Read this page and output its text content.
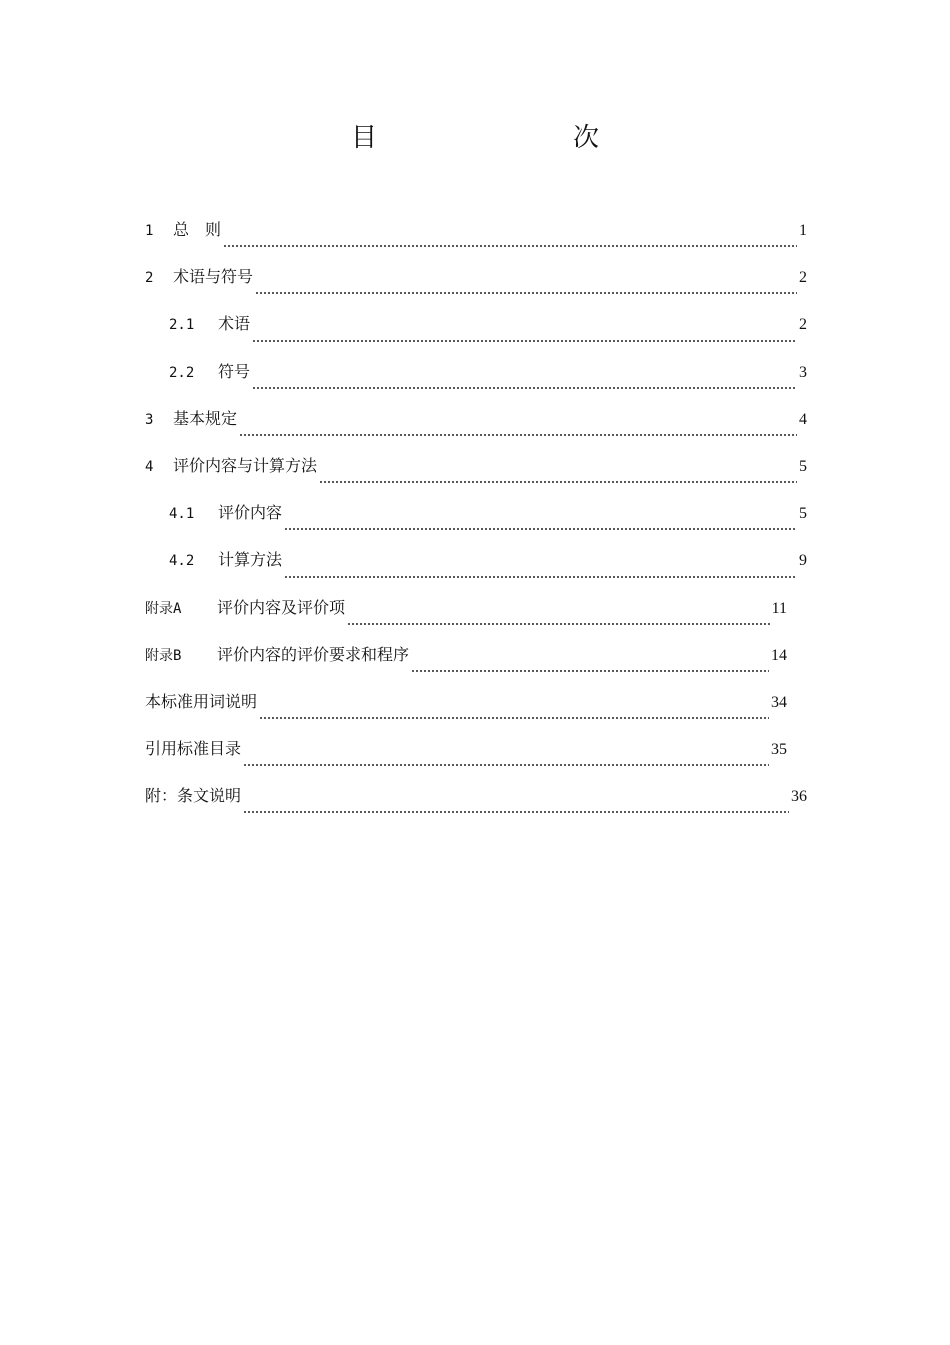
目　　次
1	总　则	1
2	术语与符号	2
2.1	术语	2
2.2	符号	3
3	基本规定	4
4	评价内容与计算方法	5
4.1	评价内容	5
4.2	计算方法	9
附录A	评价内容及评价项	11
附录B	评价内容的评价要求和程序	14
本标准用词说明	34
引用标准目录	35
附：条文说明	36
